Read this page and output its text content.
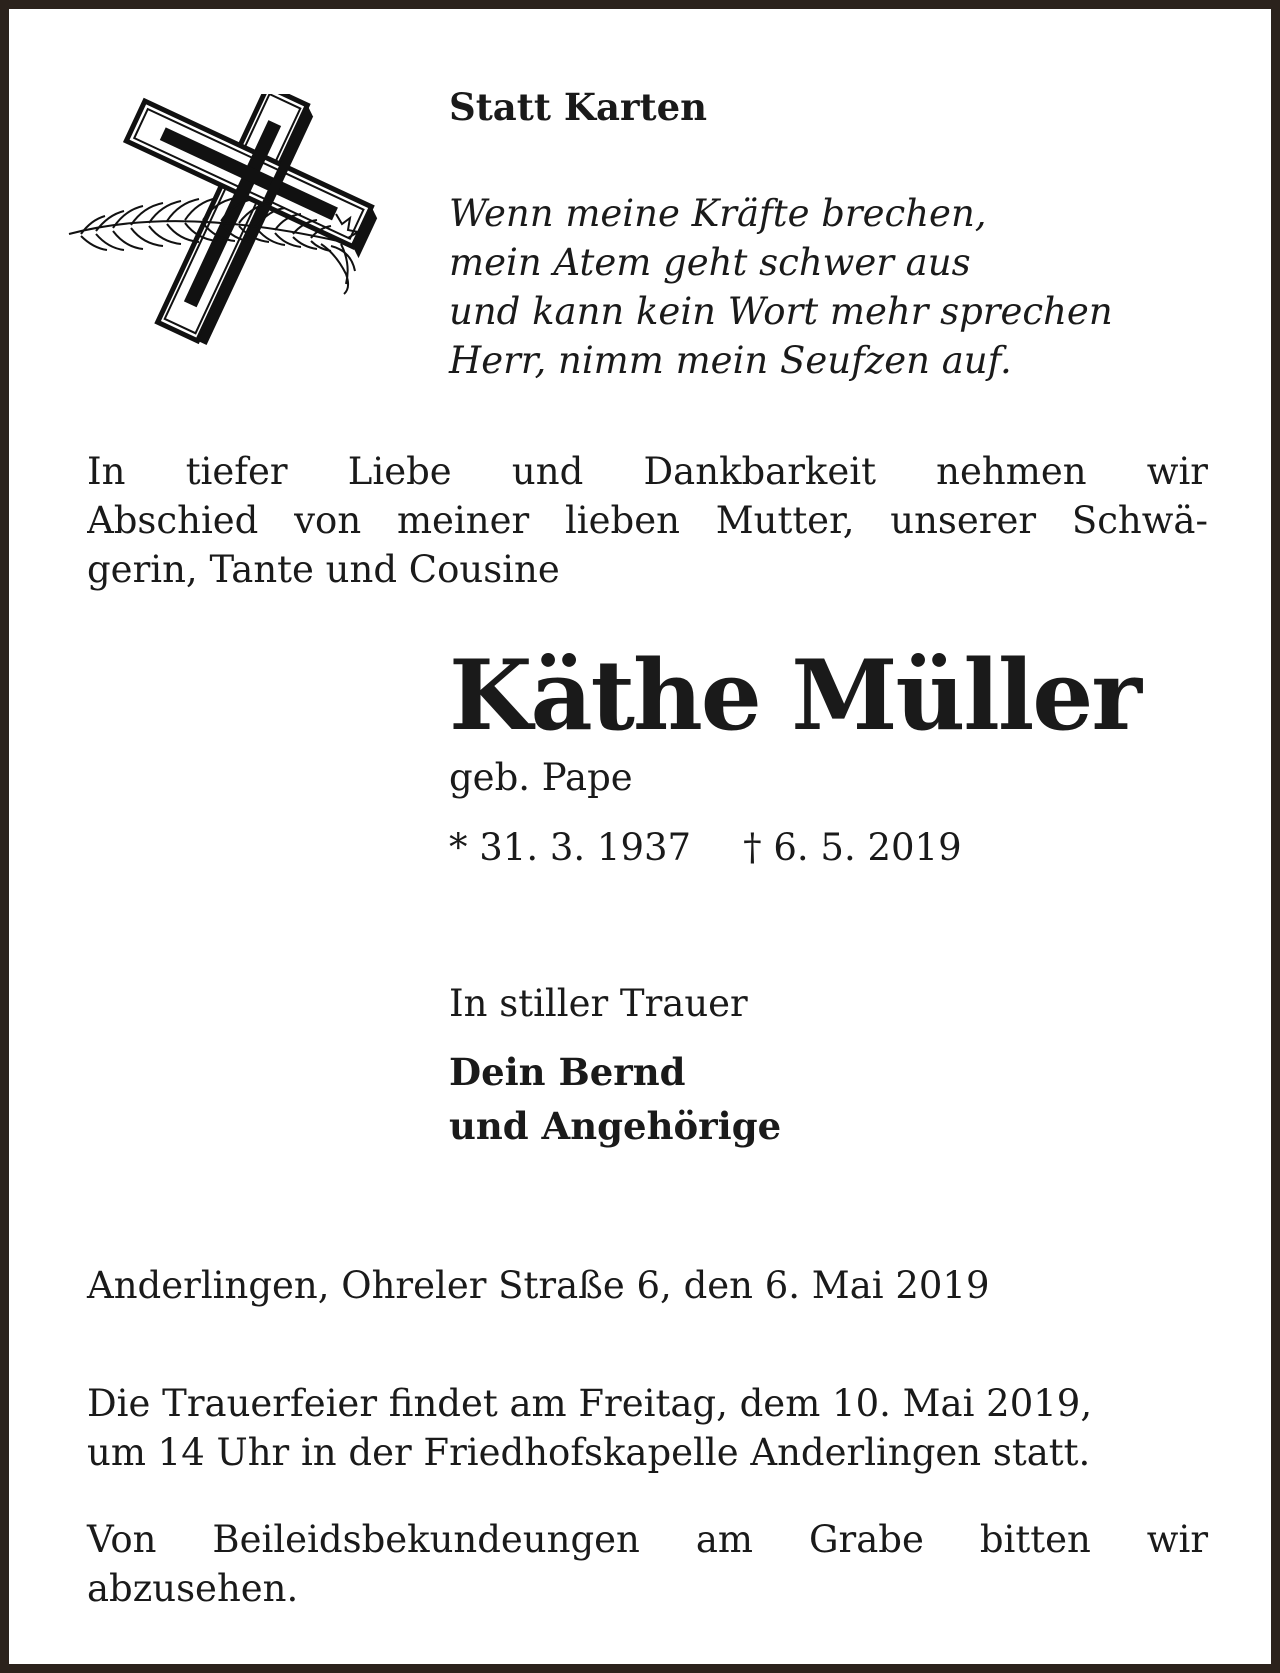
Statt Karten
Wenn meine Kräfte brechen,
mein Atem geht schwer aus
und kann kein Wort mehr sprechen
Herr, nimm mein Seufzen auf.
In tiefer Liebe und Dankbarkeit nehmen wir
Abschied von meiner lieben Mutter, unserer Schwä-
gerin, Tante und Cousine
Käthe Müller
geb. Pape
* 31. 3. 1937 † 6. 5. 2019
In stiller Trauer
Dein Bernd
und Angehörige
Anderlingen, Ohreler Straße 6, den 6. Mai 2019
Die Trauerfeier findet am Freitag, dem 10. Mai 2019,
um 14 Uhr in der Friedhofskapelle Anderlingen statt.
Von Beileidsbekundeungen am Grabe bitten wir
abzusehen.
